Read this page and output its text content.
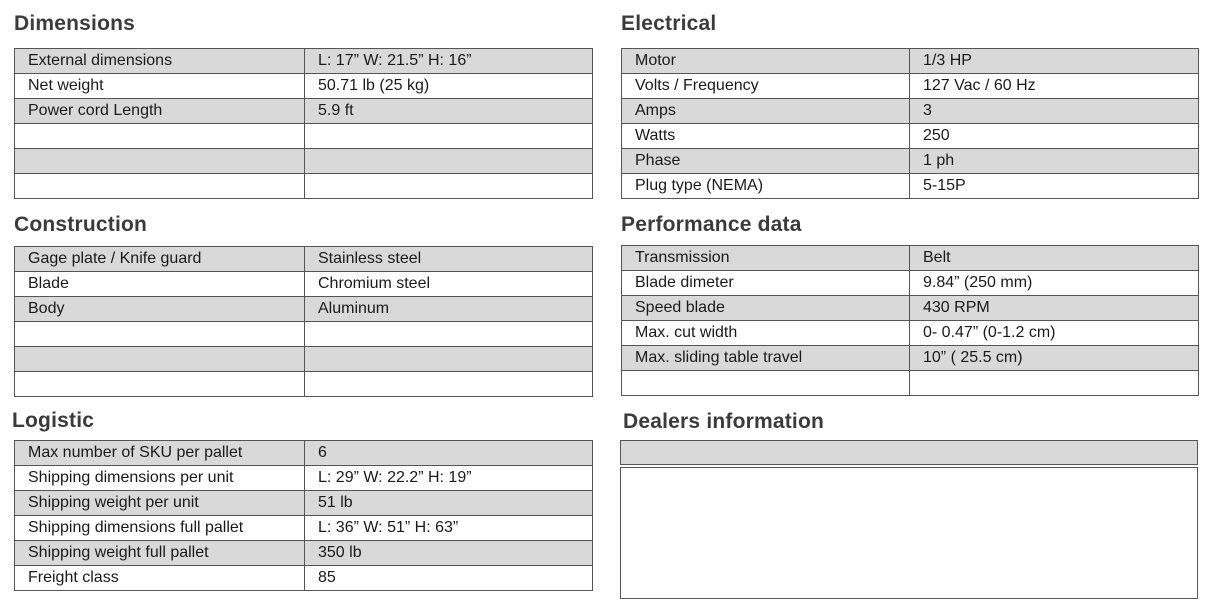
Dimensions
External dimensions	L: 17” W: 21.5” H: 16”
Net weight	50.71 lb (25 kg)
Power cord Length	5.9 ft

Electrical
Motor	1/3 HP
Volts / Frequency	127 Vac / 60 Hz
Amps	3
Watts	250
Phase	1 ph
Plug type (NEMA)	5-15P
Construction
Gage plate / Knife guard	Stainless steel
Blade	Chromium steel
Body	Aluminum

Performance data
Transmission	Belt
Blade dimeter	9.84” (250 mm)
Speed blade	430 RPM
Max. cut width	0- 0.47” (0-1.2 cm)
Max. sliding table travel	10” ( 25.5 cm)

Logistic
Max number of SKU per pallet	6
Shipping dimensions per unit	L: 29” W: 22.2” H: 19”
Shipping weight per unit	51 lb
Shipping dimensions full pallet	L: 36” W: 51” H: 63”
Shipping weight full pallet	350 lb
Freight class	85
Dealers information
